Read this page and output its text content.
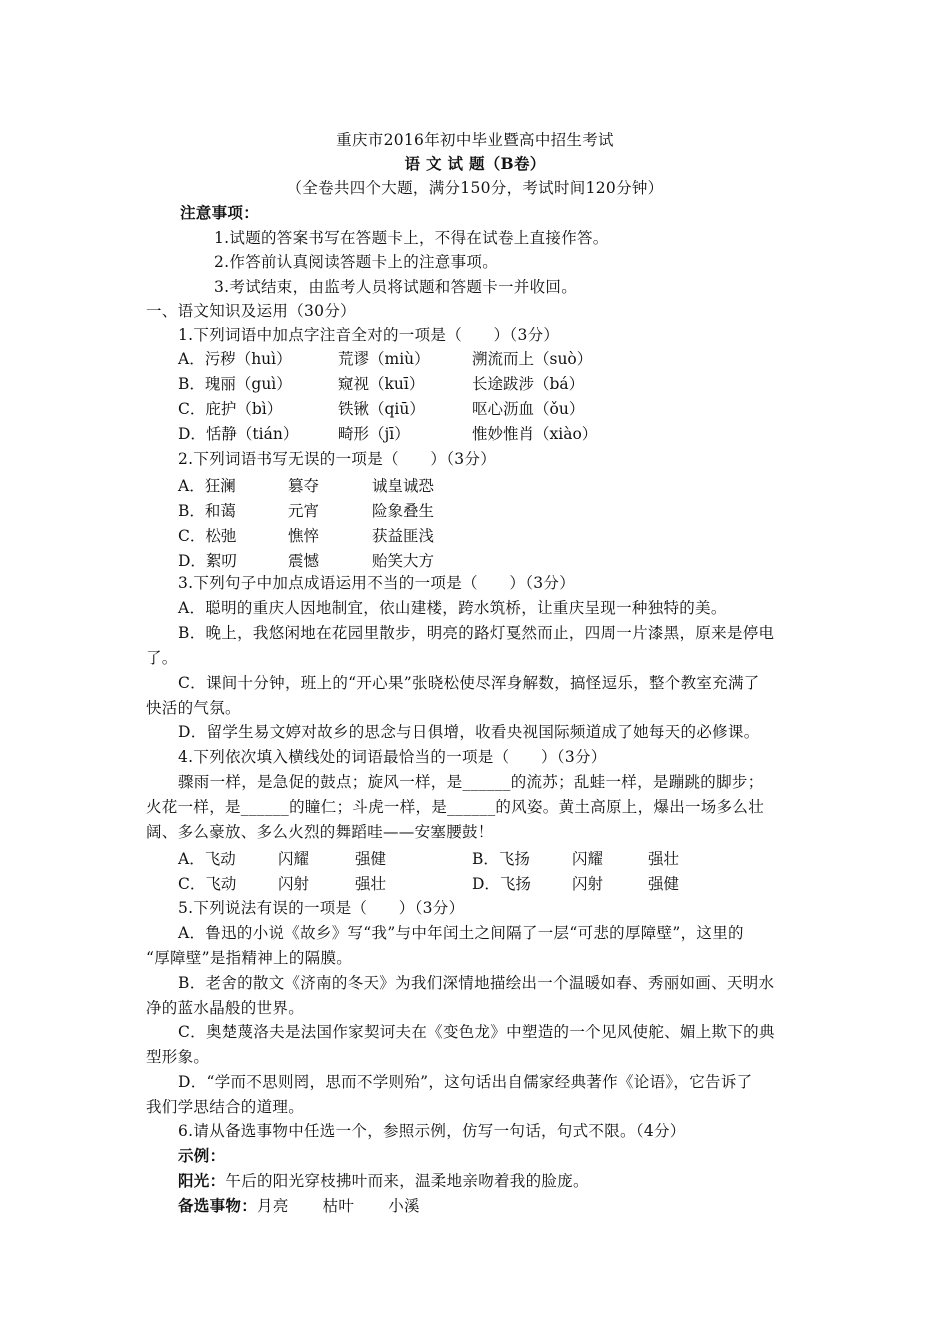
重庆市2016年初中毕业暨高中招生考试
语 文 试 题（B卷）
（全卷共四个大题，满分150分，考试时间120分钟）
注意事项：
1.试题的答案书写在答题卡上，不得在试卷上直接作答。
2.作答前认真阅读答题卡上的注意事项。
3.考试结束，由监考人员将试题和答题卡一并收回。
一、语文知识及运用（30分）
1.下列词语中加点字注音全对的一项是（　　）（3分）
A．污秽（huì）	荒谬（miù）	溯流而上（suò）
B．瑰丽（guì）	窥视（kuī）	长途跋涉（bá）
C．庇护（bì）	铁锹（qiū）	呕心沥血（ǒu）
D．恬静（tián）	畸形（jī）	惟妙惟肖（xiào）
2.下列词语书写无误的一项是（　　）（3分）
A．狂澜	篡夺	诚皇诚恐
B．和蔼	元宵	险象叠生
C．松弛	憔悴	获益匪浅
D．絮叨	震憾	贻笑大方
3.下列句子中加点成语运用不当的一项是（　　）（3分）
A．聪明的重庆人因地制宜，依山建楼，跨水筑桥，让重庆呈现一种独特的美。
B．晚上，我悠闲地在花园里散步，明亮的路灯戛然而止，四周一片漆黑，原来是停电
了。
C．课间十分钟，班上的“开心果”张晓松使尽浑身解数，搞怪逗乐，整个教室充满了
快活的气氛。
D．留学生易文婷对故乡的思念与日俱增，收看央视国际频道成了她每天的必修课。
4.下列依次填入横线处的词语最恰当的一项是（　　）（3分）
骤雨一样，是急促的鼓点；旋风一样，是______的流苏；乱蛙一样，是蹦跳的脚步；
火花一样，是______的瞳仁；斗虎一样，是______的风姿。黄土高原上，爆出一场多么壮
阔、多么豪放、多么火烈的舞蹈哇——安塞腰鼓！
A．飞动	闪耀	强健	B．飞扬	闪耀	强壮
C．飞动	闪射	强壮	D．飞扬	闪射	强健
5.下列说法有误的一项是（　　）（3分）
A．鲁迅的小说《故乡》写“我”与中年闰土之间隔了一层“可悲的厚障壁”，这里的
“厚障壁”是指精神上的隔膜。
B．老舍的散文《济南的冬天》为我们深情地描绘出一个温暖如春、秀丽如画、天明水
净的蓝水晶般的世界。
C．奥楚蔑洛夫是法国作家契诃夫在《变色龙》中塑造的一个见风使舵、媚上欺下的典
型形象。
D．“学而不思则罔，思而不学则殆”，这句话出自儒家经典著作《论语》，它告诉了
我们学思结合的道理。
6.请从备选事物中任选一个，参照示例，仿写一句话，句式不限。（4分）
示例：
阳光：午后的阳光穿枝拂叶而来，温柔地亲吻着我的脸庞。
备选事物：月亮 枯叶 小溪
